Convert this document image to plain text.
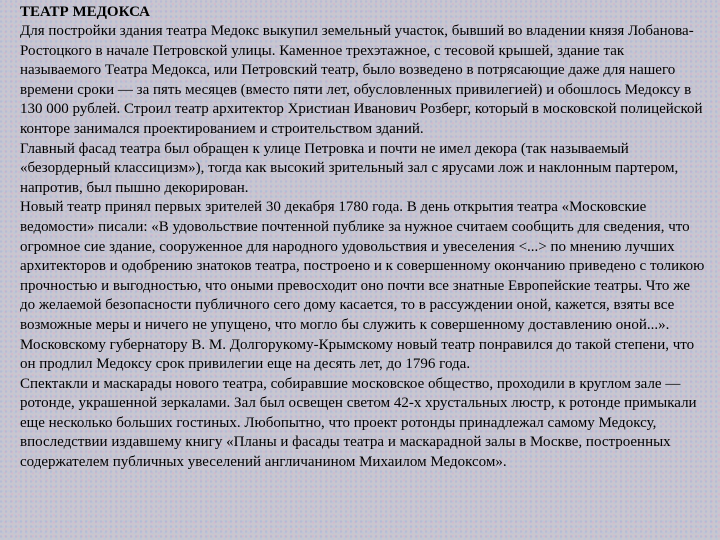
ТЕАТР МЕДОКСА

Для постройки здания театра Медокс выкупил земельный участок, бывший во владении князя Лобанова-Ростоцкого в начале Петровской улицы. Каменное трехэтажное, с тесовой крышей, здание так называемого Театра Медокса, или Петровский театр, было возведено в потрясающие даже для нашего времени сроки — за пять месяцев (вместо пяти лет, обусловленных привилегией) и обошлось Медоксу в 130 000 рублей. Строил театр архитектор Христиан Иванович Розберг, который в московской полицейской конторе занимался проектированием и строительством зданий.

Главный фасад театра был обращен к улице Петровка и почти не имел декора (так называемый «безордерный классицизм»), тогда как высокий зрительный зал с ярусами лож и наклонным партером, напротив, был пышно декорирован.

Новый театр принял первых зрителей 30 декабря 1780 года. В день открытия театра «Московские ведомости» писали: «В удовольствие почтенной публике за нужное считаем сообщить для сведения, что огромное сие здание, сооруженное для народного удовольствия и увеселения <...> по мнению лучших архитекторов и одобрению знатоков театра, построено и к совершенному окончанию приведено с толикою прочностью и выгодностью, что оными превосходит оно почти все знатные Европейские театры. Что же до желаемой безопасности публичного сего дому касается, то в рассуждении оной, кажется, взяты все возможные меры и ничего не упущено, что могло бы служить к совершенному доставлению оной...».

Московскому губернатору В. М. Долгорукому-Крымскому новый театр понравился до такой степени, что он продлил Медоксу срок привилегии еще на десять лет, до 1796 года.

Спектакли и маскарады нового театра, собиравшие московское общество, проходили в круглом зале — ротонде, украшенной зеркалами. Зал был освещен светом 42-х хрустальных люстр, к ротонде примыкали еще несколько больших гостиных. Любопытно, что проект ротонды принадлежал самому Медоксу, впоследствии издавшему книгу «Планы и фасады театра и маскарадной залы в Москве, построенных содержателем публичных увеселений англичанином Михаилом Медоксом».
